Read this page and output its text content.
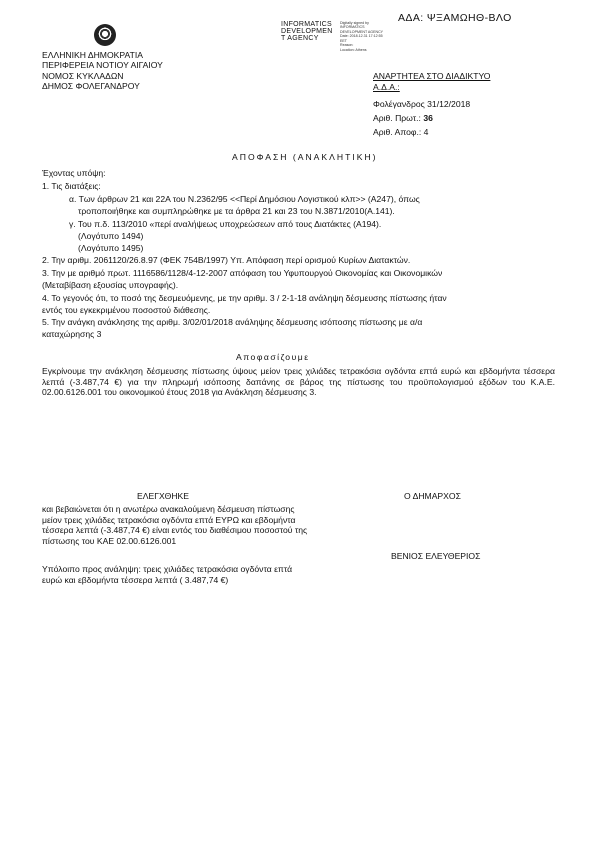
ΑΔΑ: ΨΞΑΜΩΗΘ-ΒΛΟ
INFORMATICS
DEVELOPMEN
T AGENCY
Digitally signed by
INFORMATICS
DEVELOPMENT AGENCY
Date: 2018.12.31 17:12:55
EET
Reason:
Location: Athens
ΕΛΛΗΝΙΚΗ ΔΗΜΟΚΡΑΤΙΑ
ΠΕΡΙΦΕΡΕΙΑ ΝΟΤΙΟΥ ΑΙΓΑΙΟΥ
ΝΟΜΟΣ ΚΥΚΛΑΔΩΝ
ΔΗΜΟΣ ΦΟΛΕΓΑΝΔΡΟΥ
ΑΝΑΡΤΗΤΕΑ ΣΤΟ ΔΙΑΔΙΚΤΥΟ
Α.Δ.Α.:
Φολέγανδρος 31/12/2018
Αριθ. Πρωτ.: 36
Αριθ. Αποφ.: 4
ΑΠΟΦΑΣΗ (ΑΝΑΚΛΗΤΙΚΗ)
Έχοντας υπόψη:
1. Τις διατάξεις:
α. Των άρθρων 21 και 22Α του Ν.2362/95 <<Περί Δημόσιου Λογιστικού κλπ>> (Α247), όπως
τροποποιήθηκε και συμπληρώθηκε με τα άρθρα 21 και 23 του Ν.3871/2010(Α.141).
γ. Του π.δ. 113/2010 «περί αναλήψεως υποχρεώσεων από τους Διατάκτες (Α194).
(Λογότυπο 1494)
(Λογότυπο 1495)
2. Την αριθμ. 2061120/26.8.97 (ΦΕΚ 754Β/1997) Υπ. Απόφαση περί ορισμού Κυρίων Διατακτών.
3. Την με αριθμό πρωτ. 1116586/1128/4-12-2007 απόφαση του Υφυπουργού Οικονομίας και Οικονομικών
(Μεταβίβαση εξουσίας υπογραφής).
4. Το γεγονός ότι, το ποσό της δεσμευόμενης, με την αριθμ. 3 / 2-1-18 ανάληψη δέσμευσης πίστωσης ήταν
εντός του εγκεκριμένου ποσοστού διάθεσης.
5. Την ανάγκη ανάκλησης της αριθμ. 3/02/01/2018 ανάληψης δέσμευσης ισόποσης πίστωσης με α/α
καταχώρησης 3
Αποφασίζουμε
Εγκρίνουμε την ανάκληση δέσμευσης πίστωσης ύψους μείον τρεις χιλιάδες τετρακόσια ογδόντα επτά ευρώ και εβδομήντα τέσσερα λεπτά (-3.487,74 €) για την πληρωμή ισόποσης δαπάνης σε βάρος της πίστωσης του προϋπολογισμού εξόδων του Κ.Α.Ε. 02.00.6126.001 του οικονομικού έτους 2018 για Ανάκληση δέσμευσης 3.
ΕΛΕΓΧΘΗΚΕ
και βεβαιώνεται ότι η ανωτέρω ανακαλούμενη δέσμευση πίστωσης μείον τρεις χιλιάδες τετρακόσια ογδόντα επτά ΕΥΡΩ και εβδομήντα τέσσερα λεπτά (-3.487,74 €) είναι εντός του διαθέσιμου ποσοστού της πίστωσης του ΚΑΕ 02.00.6126.001
Υπόλοιπο προς ανάληψη: τρεις χιλιάδες τετρακόσια ογδόντα επτά ευρώ και εβδομήντα τέσσερα λεπτά ( 3.487,74 €)
Ο ΔΗΜΑΡΧΟΣ
ΒΕΝΙΟΣ ΕΛΕΥΘΕΡΙΟΣ
